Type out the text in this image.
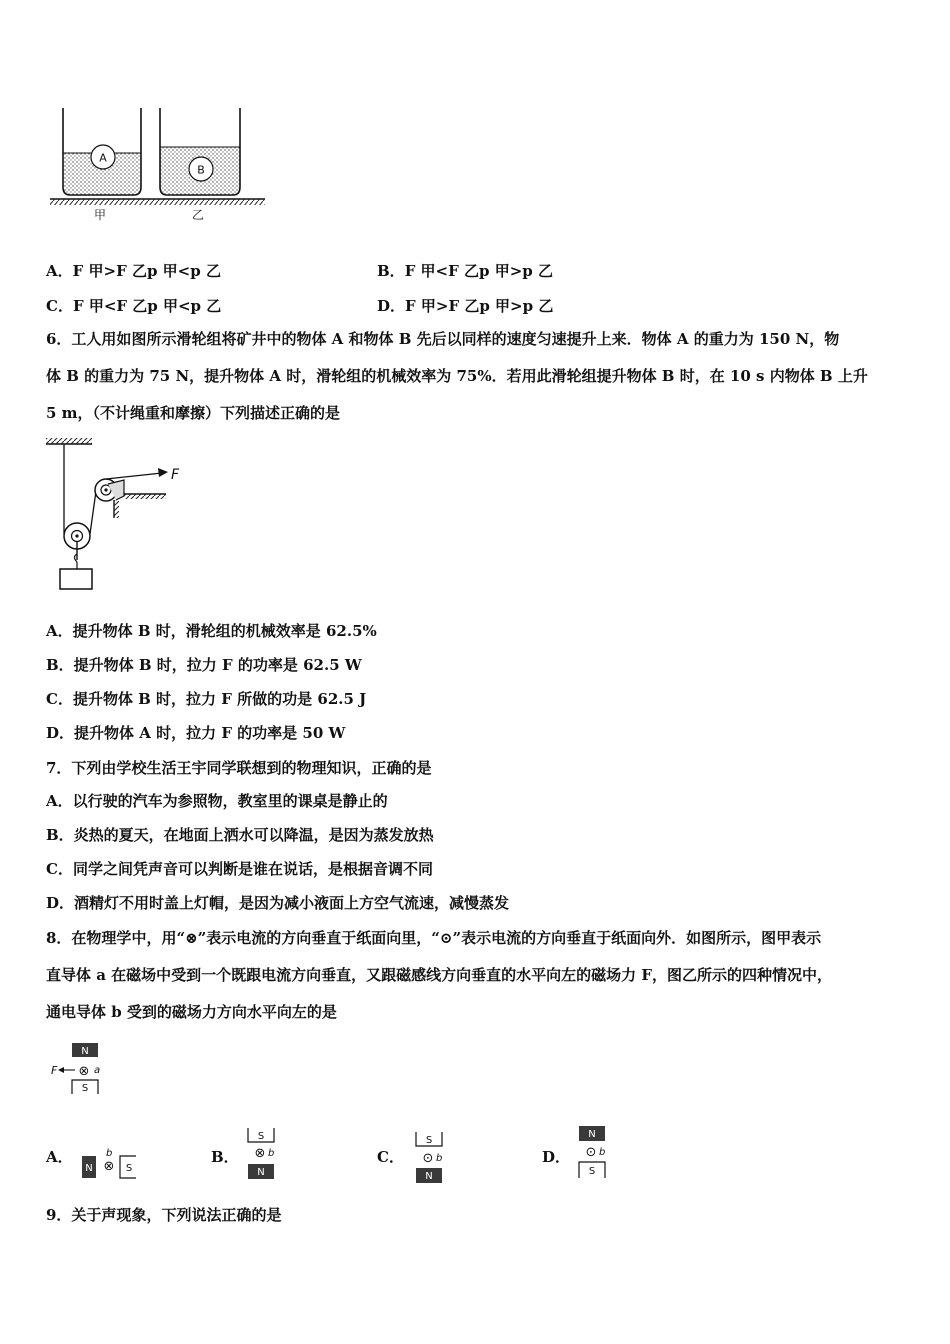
A
B
甲	乙
A．F 甲>F 乙p 甲<p 乙	B．F 甲<F 乙p 甲>p 乙
C．F 甲<F 乙p 甲<p 乙	D．F 甲>F 乙p 甲>p 乙
6．工人用如图所示滑轮组将矿井中的物体 A 和物体 B 先后以同样的速度匀速提升上来．物体 A 的重力为 150 N，物
体 B 的重力为 75 N，提升物体 A 时，滑轮组的机械效率为 75%．若用此滑轮组提升物体 B 时，在 10 s 内物体 B 上升
5 m，（不计绳重和摩擦）下列描述正确的是
F
A．提升物体 B 时，滑轮组的机械效率是 62.5%
B．提升物体 B 时，拉力 F 的功率是 62.5 W
C．提升物体 B 时，拉力 F 所做的功是 62.5 J
D．提升物体 A 时，拉力 F 的功率是 50 W
7．下列由学校生活王宇同学联想到的物理知识，正确的是
A．以行驶的汽车为参照物，教室里的课桌是静止的
B．炎热的夏天，在地面上洒水可以降温，是因为蒸发放热
C．同学之间凭声音可以判断是谁在说话，是根据音调不同
D．酒精灯不用时盖上灯帽，是因为减小液面上方空气流速，减慢蒸发
8．在物理学中，用“⊗”表示电流的方向垂直于纸面向里，“⊙”表示电流的方向垂直于纸面向外．如图所示，图甲表示
直导体 a 在磁场中受到一个既跟电流方向垂直，又跟磁感线方向垂直的水平向左的磁场力 F，图乙所示的四种情况中，
通电导体 b 受到的磁场力方向水平向左的是
N
F ⊗ a
S
A．
N ⊗
b
S
B．
S
⊗ b
N
C．
S
⊙ b
N
D．
N
⊙ b
S
9．关于声现象，下列说法正确的是
